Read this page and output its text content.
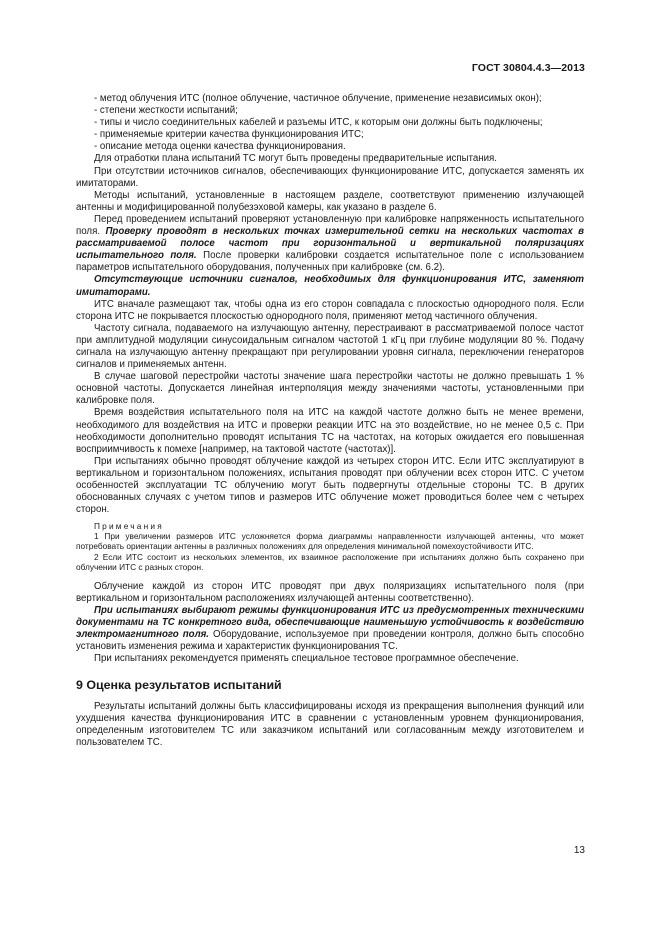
ГОСТ 30804.4.3—2013

- метод облучения ИТС (полное облучение, частичное облучение, применение независимых окон);

- степени жесткости испытаний;

- типы и число соединительных кабелей и разъемы ИТС, к которым они должны быть подключены;

- применяемые критерии качества функционирования ИТС;

- описание метода оценки качества функционирования.

Для отработки плана испытаний ТС могут быть проведены предварительные испытания.

При отсутствии источников сигналов, обеспечивающих функционирование ИТС, допускается заменять их имитаторами.

Методы испытаний, установленные в настоящем разделе, соответствуют применению излучающей антенны и модифицированной полубезэховой камеры, как указано в разделе 6.

Перед проведением испытаний проверяют установленную при калибровке напряженность испытательного поля. Проверку проводят в нескольких точках измерительной сетки на нескольких частотах в рассматриваемой полосе частот при горизонтальной и вертикальной поляризациях испытательного поля. После проверки калибровки создается испытательное поле с использованием параметров испытательного оборудования, полученных при калибровке (см. 6.2).

Отсутствующие источники сигналов, необходимых для функционирования ИТС, заменяют имитаторами.

ИТС вначале размещают так, чтобы одна из его сторон совпадала с плоскостью однородного поля. Если сторона ИТС не покрывается плоскостью однородного поля, применяют метод частичного облучения.

Частоту сигнала, подаваемого на излучающую антенну, перестраивают в рассматриваемой полосе частот при амплитудной модуляции синусоидальным сигналом частотой 1 кГц при глубине модуляции 80 %. Подачу сигнала на излучающую антенну прекращают при регулировании уровня сигнала, переключении генераторов сигналов и применяемых антенн.

В случае шаговой перестройки частоты значение шага перестройки частоты не должно превышать 1 % основной частоты. Допускается линейная интерполяция между значениями частоты, установленными при калибровке поля.

Время воздействия испытательного поля на ИТС на каждой частоте должно быть не менее времени, необходимого для воздействия на ИТС и проверки реакции ИТС на это воздействие, но не менее 0,5 с. При необходимости дополнительно проводят испытания ТС на частотах, на которых ожидается его повышенная восприимчивость к помехе [например, на тактовой частоте (частотах)].

При испытаниях обычно проводят облучение каждой из четырех сторон ИТС. Если ИТС эксплуатируют в вертикальном и горизонтальном положениях, испытания проводят при облучении всех сторон ИТС. С учетом особенностей эксплуатации ТС облучению могут быть подвергнуты отдельные стороны ТС. В других обоснованных случаях с учетом типов и размеров ИТС облучение может проводиться более чем с четырех сторон.

Примечания

1 При увеличении размеров ИТС усложняется форма диаграммы направленности излучающей антенны, что может потребовать ориентации антенны в различных положениях для определения минимальной помехоустойчивости ИТС.

2 Если ИТС состоит из нескольких элементов, их взаимное расположение при испытаниях должно быть сохранено при облучении ИТС с разных сторон.

Облучение каждой из сторон ИТС проводят при двух поляризациях испытательного поля (при вертикальном и горизонтальном расположениях излучающей антенны соответственно).

При испытаниях выбирают режимы функционирования ИТС из предусмотренных техническими документами на ТС конкретного вида, обеспечивающие наименьшую устойчивость к воздействию электромагнитного поля. Оборудование, используемое при проведении контроля, должно быть способно установить изменения режима и характеристик функционирования ТС.

При испытаниях рекомендуется применять специальное тестовое программное обеспечение.

9 Оценка результатов испытаний

Результаты испытаний должны быть классифицированы исходя из прекращения выполнения функций или ухудшения качества функционирования ИТС в сравнении с установленным уровнем функционирования, определенным изготовителем ТС или заказчиком испытаний или согласованным между изготовителем и пользователем ТС.

13
